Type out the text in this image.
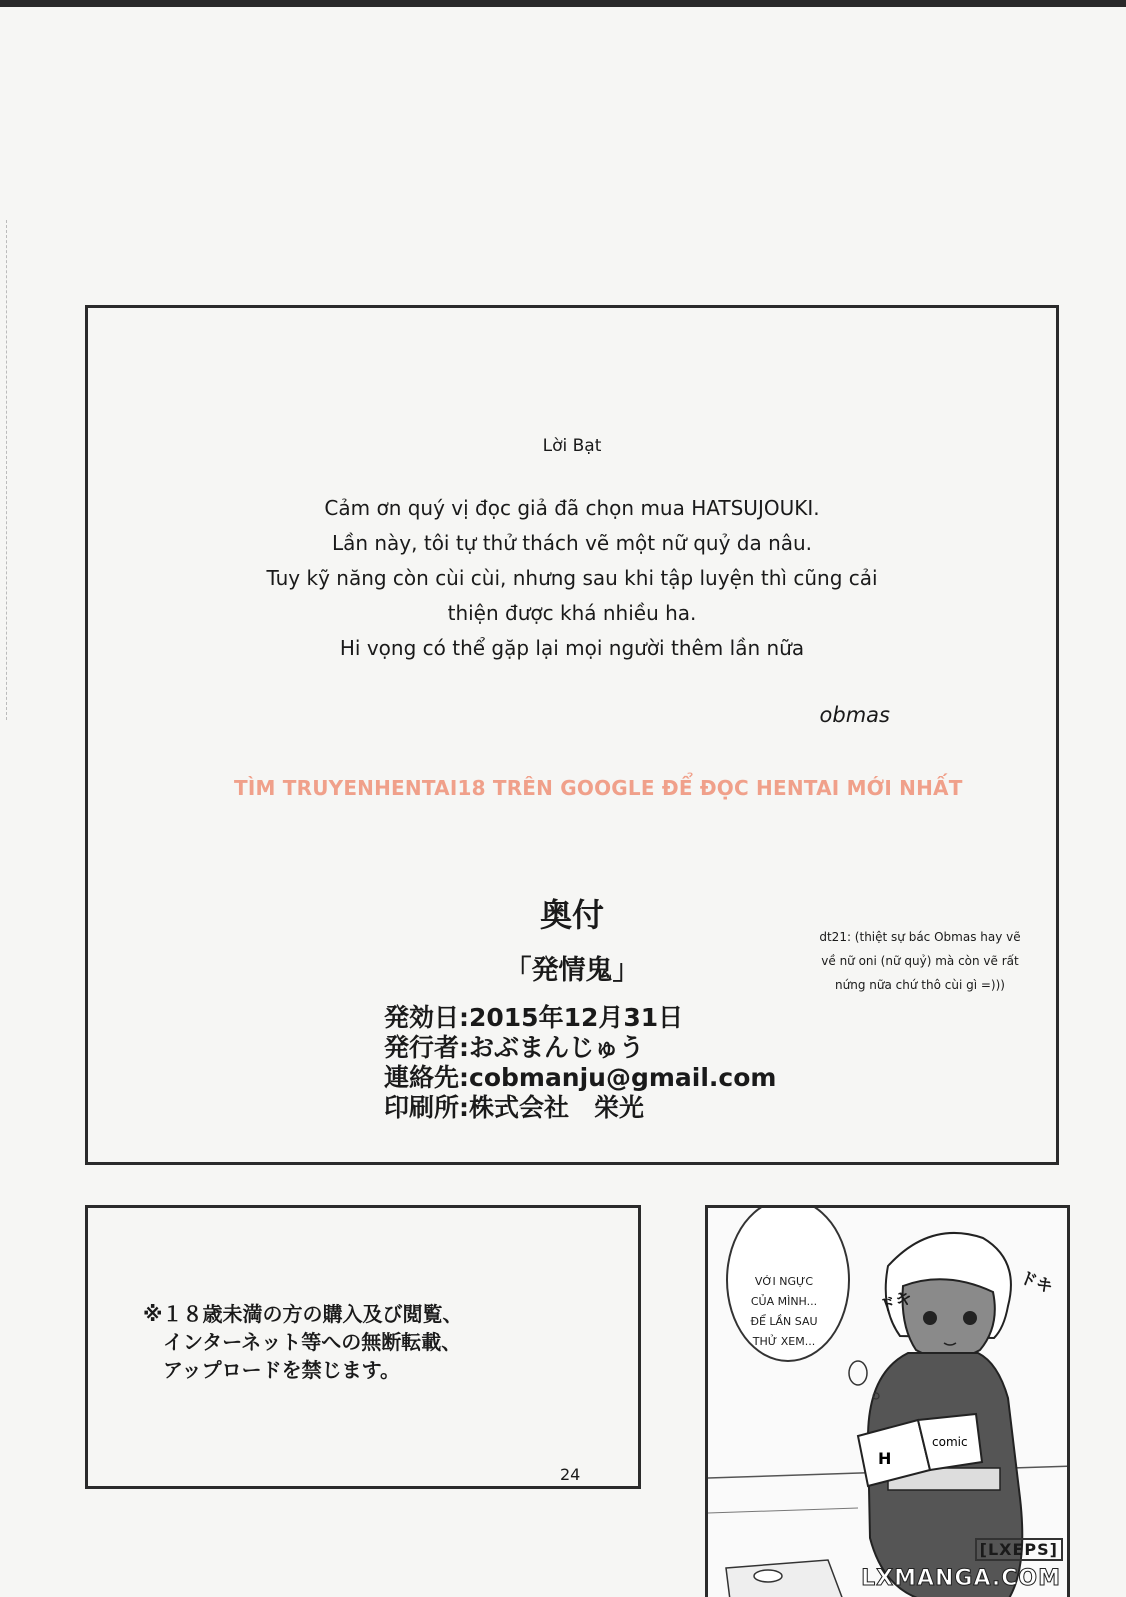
Lời Bạt
Cảm ơn quý vị đọc giả đã chọn mua HATSUJOUKI.
Lần này, tôi tự thử thách vẽ một nữ quỷ da nâu.
Tuy kỹ năng còn cùi cùi, nhưng sau khi tập luyện thì cũng cải
thiện được khá nhiều ha.
Hi vọng có thể gặp lại mọi người thêm lần nữa
obmas
TÌM TRUYENHENTAI18 TRÊN GOOGLE ĐỂ ĐỌC HENTAI MỚI NHẤT
奥付
「発情鬼」
発効日:2015年12月31日
発行者:おぶまんじゅう
連絡先:cobmanju@gmail.com
印刷所:株式会社　栄光
dt21: (thiệt sự bác Obmas hay vẽ
về nữ oni (nữ quỷ) mà còn vẽ rất
nứng nữa chứ thô cùi gì =)))
※１８歳未満の方の購入及び閲覧、
　インターネット等への無断転載、
　アップロードを禁じます。
VỚI NGỰC
CỦA MÌNH...
ĐỂ LẦN SAU
THỬ XEM...
H
comic
ドキ
ドキ
[LXEPS]
LXMANGA.COM
24
